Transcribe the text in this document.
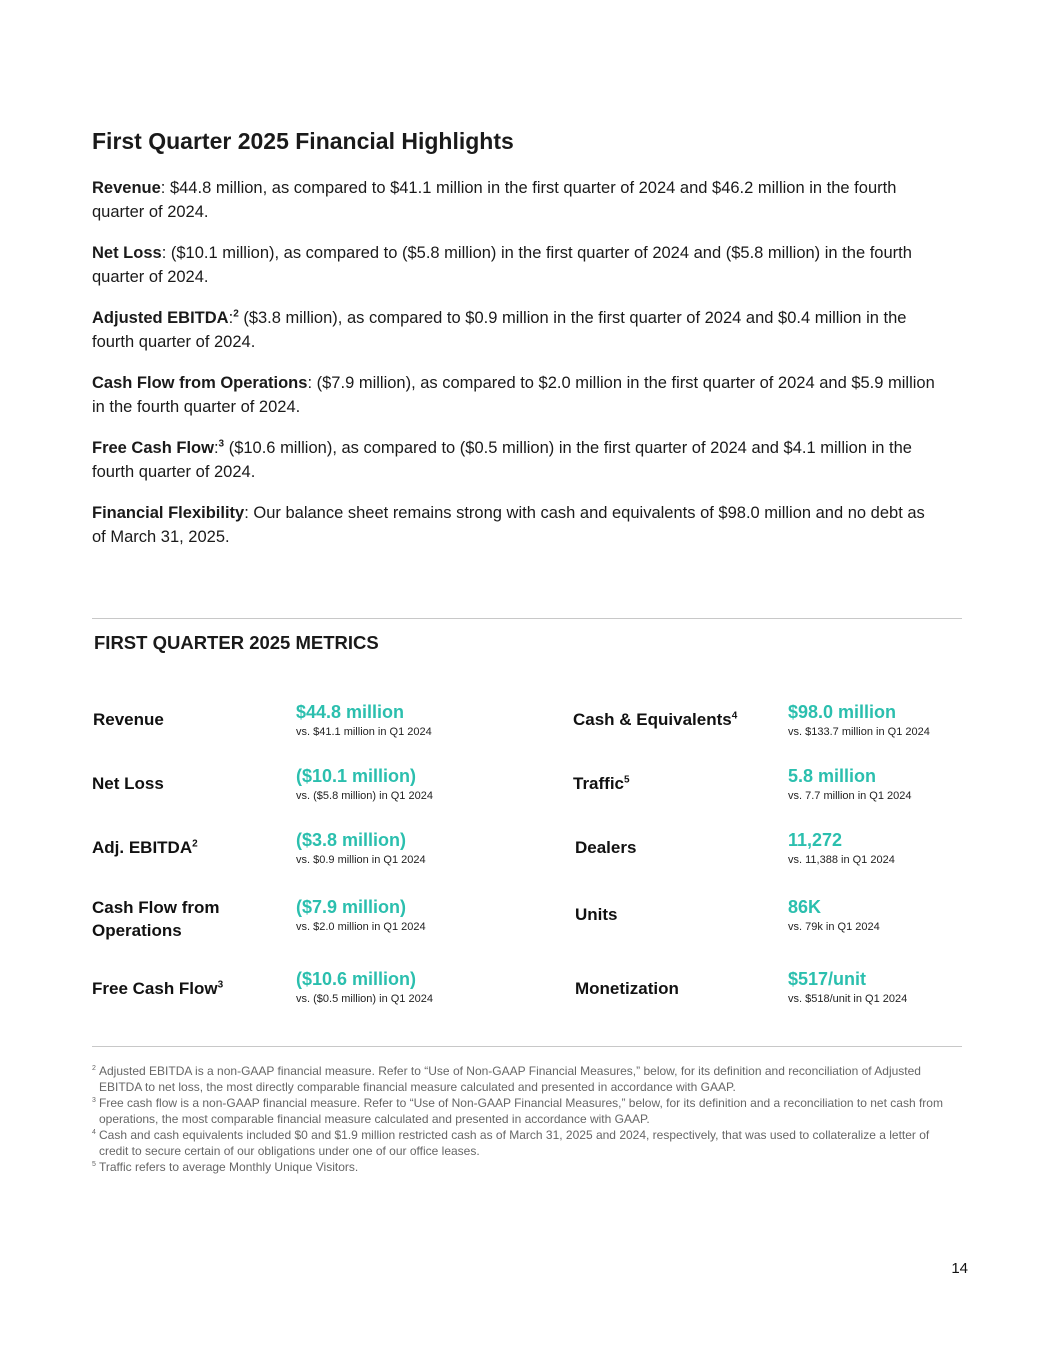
First Quarter 2025 Financial Highlights

Revenue: $44.8 million, as compared to $41.1 million in the first quarter of 2024 and $46.2 million in the fourth quarter of 2024.

Net Loss: ($10.1 million), as compared to ($5.8 million) in the first quarter of 2024 and ($5.8 million) in the fourth quarter of 2024.

Adjusted EBITDA:$^2$ ($3.8 million), as compared to $0.9 million in the first quarter of 2024 and $0.4 million in the fourth quarter of 2024.

Cash Flow from Operations: ($7.9 million), as compared to $2.0 million in the first quarter of 2024 and $5.9 million in the fourth quarter of 2024.

Free Cash Flow:$^3$ ($10.6 million), as compared to ($0.5 million) in the first quarter of 2024 and $4.1 million in the fourth quarter of 2024.

Financial Flexibility: Our balance sheet remains strong with cash and equivalents of $98.0 million and no debt as of March 31, 2025.

FIRST QUARTER 2025 METRICS
Revenue	$44.8 million
vs. $41.1 million in Q1 2024
Net Loss	($10.1 million)
vs. ($5.8 million) in Q1 2024
Adj. EBITDA$^2$	($3.8 million)
vs. $0.9 million in Q1 2024
Cash Flow from Operations
($7.9 million)
vs. $2.0 million in Q1 2024
Free Cash Flow$^3$	($10.6 million)
vs. ($0.5 million) in Q1 2024
Cash & Equivalents$^4$	$98.0 million
vs. $133.7 million in Q1 2024
Traffic$^5$	5.8 million
vs. 7.7 million in Q1 2024
Dealers	11,272
vs. 11,388 in Q1 2024
Units	86K
vs. 79k in Q1 2024
Monetization	$517/unit
vs. $518/unit in Q1 2024
2 Adjusted EBITDA is a non-GAAP financial measure. Refer to “Use of Non-GAAP Financial Measures,” below, for its definition and reconciliation of Adjusted EBITDA to net loss, the most directly comparable financial measure calculated and presented in accordance with GAAP.
3 Free cash flow is a non-GAAP financial measure. Refer to “Use of Non-GAAP Financial Measures,” below, for its definition and a reconciliation to net cash from operations, the most comparable financial measure calculated and presented in accordance with GAAP.
4 Cash and cash equivalents included $0 and $1.9 million restricted cash as of March 31, 2025 and 2024, respectively, that was used to collateralize a letter of credit to secure certain of our obligations under one of our office leases.
5 Traffic refers to average Monthly Unique Visitors.
14
